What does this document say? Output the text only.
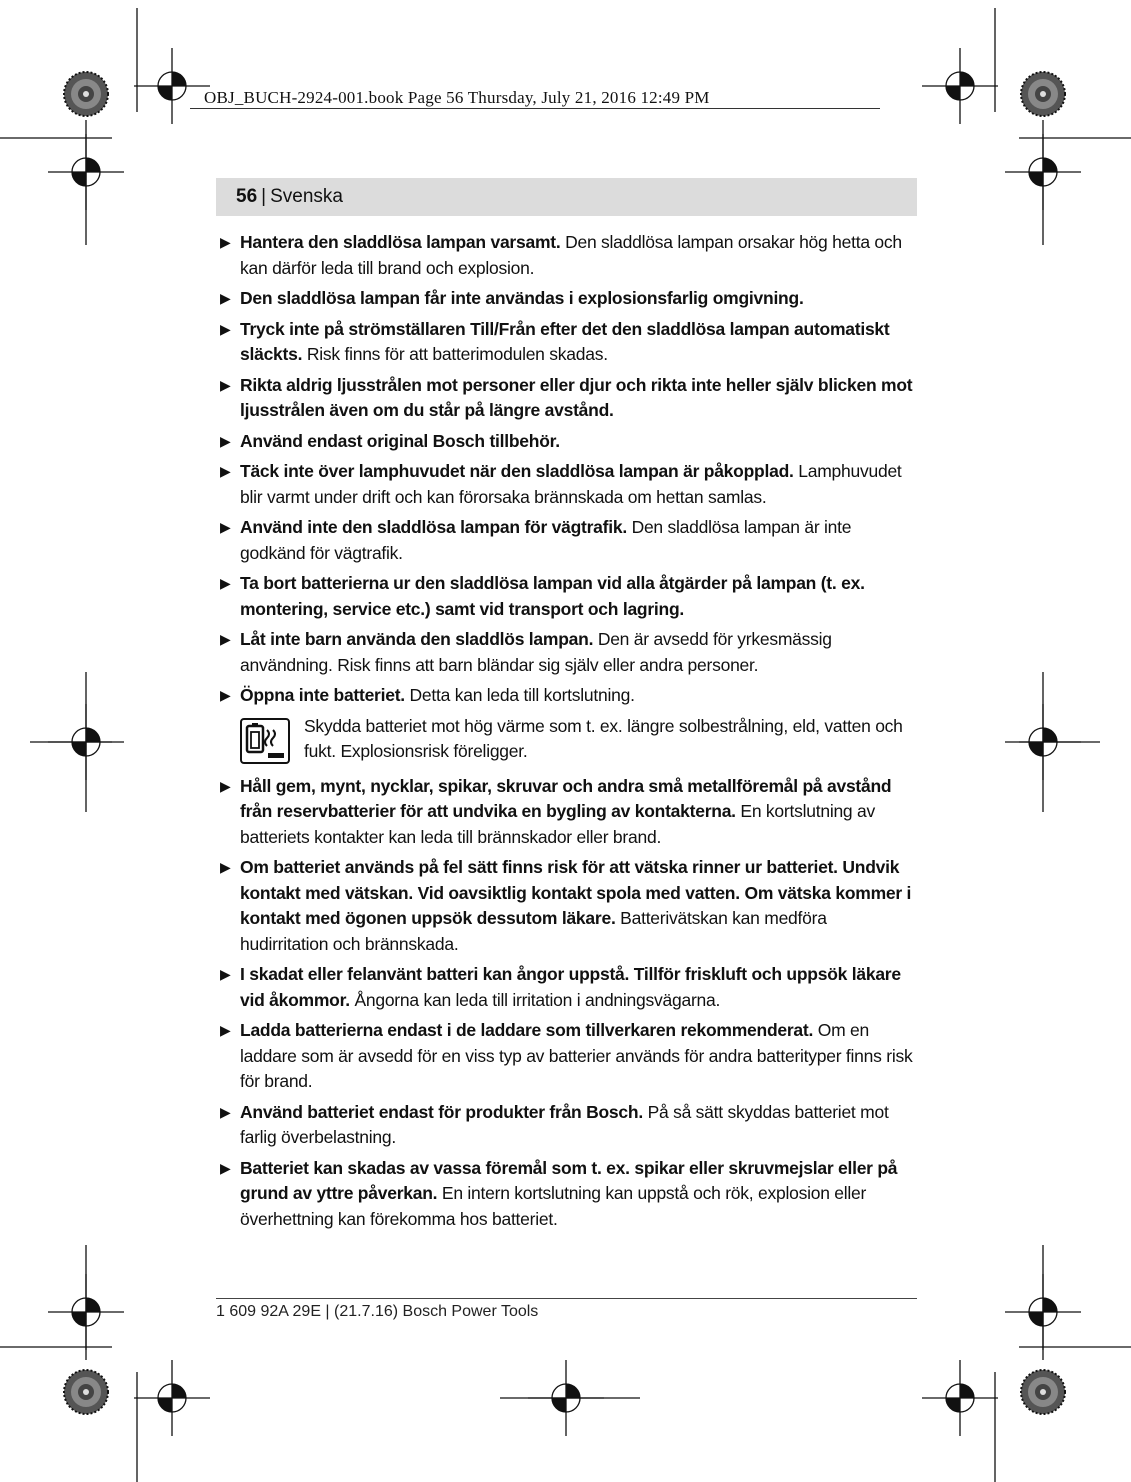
OBJ_BUCH-2924-001.book Page 56 Thursday, July 21, 2016 12:49 PM
56 | Svenska
▶ Hantera den sladdlösa lampan varsamt. Den sladdlösa lampan orsakar hög hetta och kan därför leda till brand och explosion.
▶ Den sladdlösa lampan får inte användas i explosionsfarlig omgivning.
▶ Tryck inte på strömställaren Till/Från efter det den sladdlösa lampan automatiskt släckts. Risk finns för att batterimodulen skadas.
▶ Rikta aldrig ljusstrålen mot personer eller djur och rikta inte heller själv blicken mot ljusstrålen även om du står på längre avstånd.
▶ Använd endast original Bosch tillbehör.
▶ Täck inte över lamphuvudet när den sladdlösa lampan är påkopplad. Lamphuvudet blir varmt under drift och kan förorsaka brännskada om hettan samlas.
▶ Använd inte den sladdlösa lampan för vägtrafik. Den sladdlösa lampan är inte godkänd för vägtrafik.
▶ Ta bort batterierna ur den sladdlösa lampan vid alla åtgärder på lampan (t. ex. montering, service etc.) samt vid transport och lagring.
▶ Låt inte barn använda den sladdlös lampan. Den är avsedd för yrkesmässig användning. Risk finns att barn bländar sig själv eller andra personer.
▶ Öppna inte batteriet. Detta kan leda till kortslutning.
Skydda batteriet mot hög värme som t. ex. längre solbestrålning, eld, vatten och fukt. Explosionsrisk föreligger.
▶ Håll gem, mynt, nycklar, spikar, skruvar och andra små metallföremål på avstånd från reservbatterier för att undvika en bygling av kontakterna. En kortslutning av batteriets kontakter kan leda till brännskador eller brand.
▶ Om batteriet används på fel sätt finns risk för att vätska rinner ur batteriet. Undvik kontakt med vätskan. Vid oavsiktlig kontakt spola med vatten. Om vätska kommer i kontakt med ögonen uppsök dessutom läkare. Batterivätskan kan medföra hudirritation och brännskada.
▶ I skadat eller felanvänt batteri kan ångor uppstå. Tillför friskluft och uppsök läkare vid åkommor. Ångorna kan leda till irritation i andningsvägarna.
▶ Ladda batterierna endast i de laddare som tillverkaren rekommenderat. Om en laddare som är avsedd för en viss typ av batterier används för andra batterityper finns risk för brand.
▶ Använd batteriet endast för produkter från Bosch. På så sätt skyddas batteriet mot farlig överbelastning.
▶ Batteriet kan skadas av vassa föremål som t. ex. spikar eller skruvmejslar eller på grund av yttre påverkan. En intern kortslutning kan uppstå och rök, explosion eller överhettning kan förekomma hos batteriet.
1 609 92A 29E | (21.7.16) Bosch Power Tools
